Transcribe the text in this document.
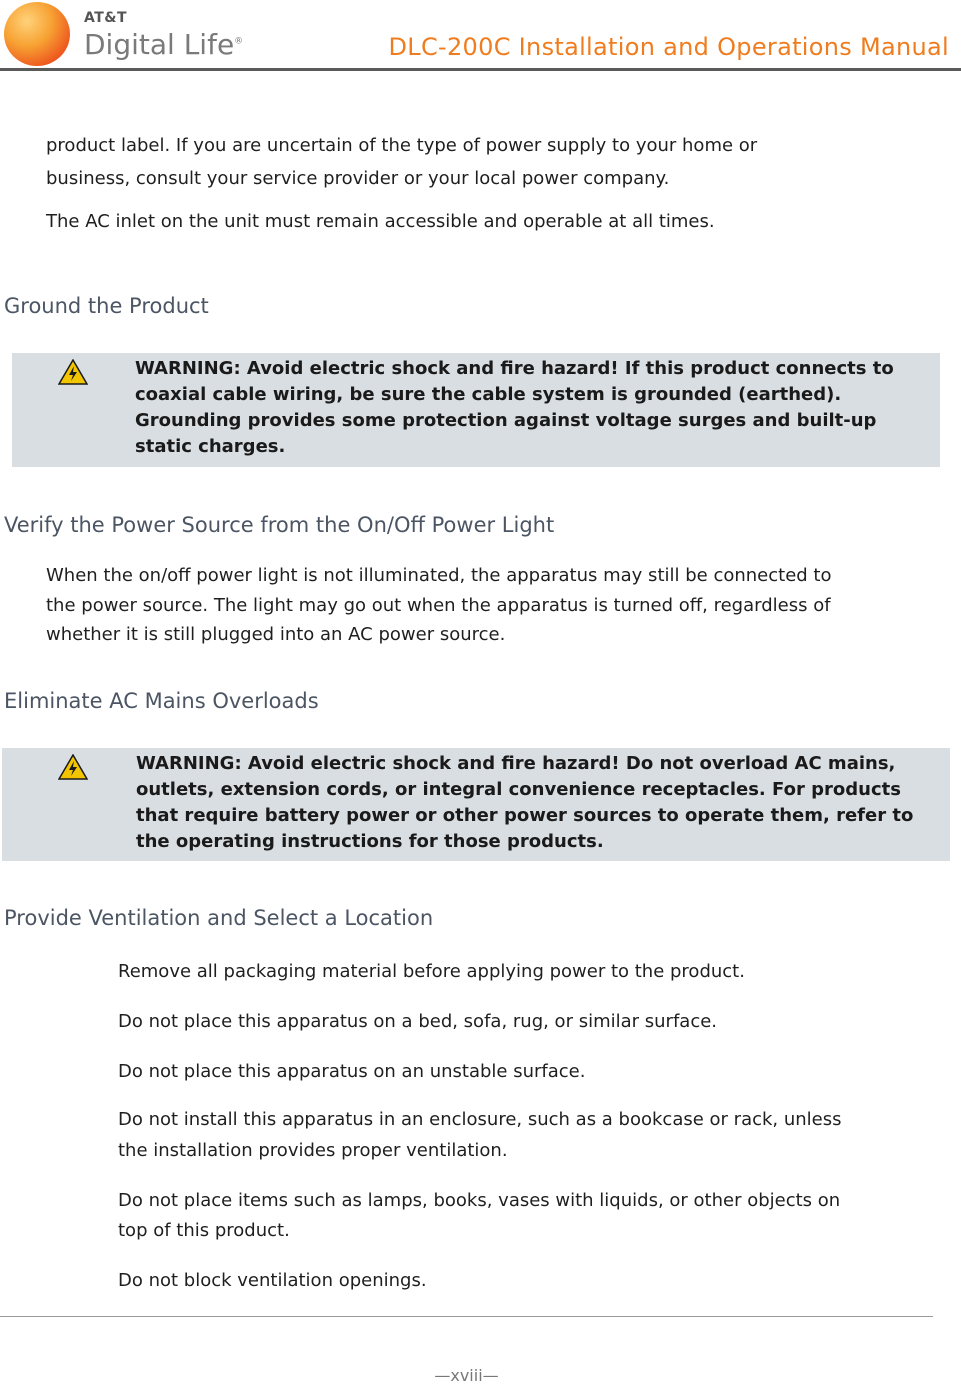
AT&T
Digital Life®	DLC-200C Installation and Operations Manual
product label. If you are uncertain of the type of power supply to your home or
business, consult your service provider or your local power company.
The AC inlet on the unit must remain accessible and operable at all times.
Ground the Product
WARNING: Avoid electric shock and fire hazard! If this product connects to
coaxial cable wiring, be sure the cable system is grounded (earthed).
Grounding provides some protection against voltage surges and built-up
static charges.
Verify the Power Source from the On/Off Power Light
When the on/off power light is not illuminated, the apparatus may still be connected to
the power source. The light may go out when the apparatus is turned off, regardless of
whether it is still plugged into an AC power source.
Eliminate AC Mains Overloads
WARNING: Avoid electric shock and fire hazard! Do not overload AC mains,
outlets, extension cords, or integral convenience receptacles. For products
that require battery power or other power sources to operate them, refer to
the operating instructions for those products.
Provide Ventilation and Select a Location
Remove all packaging material before applying power to the product.
Do not place this apparatus on a bed, sofa, rug, or similar surface.
Do not place this apparatus on an unstable surface.
Do not install this apparatus in an enclosure, such as a bookcase or rack, unless
the installation provides proper ventilation.
Do not place items such as lamps, books, vases with liquids, or other objects on
top of this product.
Do not block ventilation openings.
—xviii—
